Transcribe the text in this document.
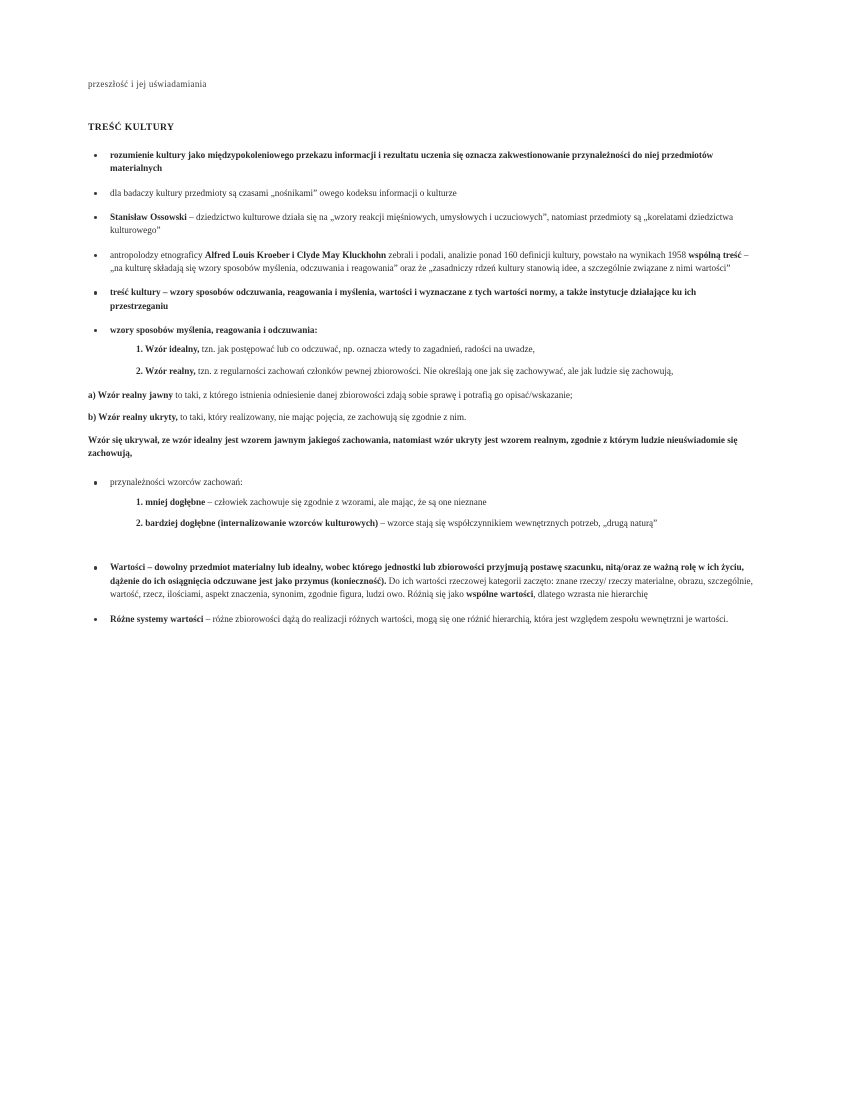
przeszłość i jej uświadamiania
TREŚĆ KULTURY
rozumienie kultury jako międzypokoleniowego przekazu informacji i rezultatu uczenia się oznacza zakwestionowanie przynależności do niej przedmiotów materialnych
dla badaczy kultury przedmioty są czasami „nośnikami” owego kodeksu informacji o kulturze
Stanisław Ossowski – dziedzictwo kulturowe działa się na „wzory reakcji mięśniowych, umysłowych i uczuciowych”, natomiast przedmioty są „korelatami dziedzictwa kulturowego”
antropolodzy etnograficy Alfred Louis Kroeber i Clyde May Kluckhohn zebrali i podali, analizie ponad 160 definicji kultury, powstało na wynikach 1958 wspólną treść – „na kulturę składają się wzory sposobów myślenia, odczuwania i reagowania” oraz że „zasadniczy rdzeń kultury stanowią idee, a szczególnie związane z nimi wartości”
treść kultury – wzory sposobów odczuwania, reagowania i myślenia, wartości i wyznaczane z tych wartości normy, a także instytucje działające ku ich przestrzeganiu
wzory sposobów myślenia, reagowania i odczuwania:
1. Wzór idealny, tzn. jak postępować lub co odczuwać, np. oznacza wtedy to zagadnień, radości na uwadze,
2. Wzór realny, tzn. z regularności zachowań członków pewnej zbiorowości. Nie określają one jak się zachowywać, ale jak ludzie się zachowują,

a) Wzór realny jawny to taki, z którego istnienia odniesienie danej zbiorowości zdają sobie sprawę i potrafią go opisać/wskazanie;

b) Wzór realny ukryty, to taki, który realizowany, nie mając pojęcia, ze zachowują się zgodnie z nim.

Wzór się ukrywał, ze wzór idealny jest wzorem jawnym jakiegoś zachowania, natomiast wzór ukryty jest wzorem realnym, zgodnie z którym ludzie nieuświadomie się zachowują,

przynależności wzorców zachowań:
1. mniej dogłębne – człowiek zachowuje się zgodnie z wzorami, ale mając, że są one nieznane
2. bardziej dogłębne (internalizowanie wzorców kulturowych) – wzorce stają się współczynnikiem wewnętrznych potrzeb, „drugą naturą”
Wartości – dowolny przedmiot materialny lub idealny, wobec którego jednostki lub zbiorowości przyjmują postawę szacunku, nitą/oraz ze ważną rolę w ich życiu, dążenie do ich osiągnięcia odczuwane jest jako przymus (konieczność). Do ich wartości rzeczowej kategorii zaczęto: znane rzeczy/ rzeczy materialne, obrazu, szczególnie, wartość, rzecz, ilościami, aspekt znaczenia, synonim, zgodnie figura, ludzi owo. Różnią się jako wspólne wartości, dlatego wzrasta nie hierarchię
Różne systemy wartości – różne zbiorowości dążą do realizacji różnych wartości, mogą się one różnić hierarchią, która jest względem zespołu wewnętrzni je wartości.
